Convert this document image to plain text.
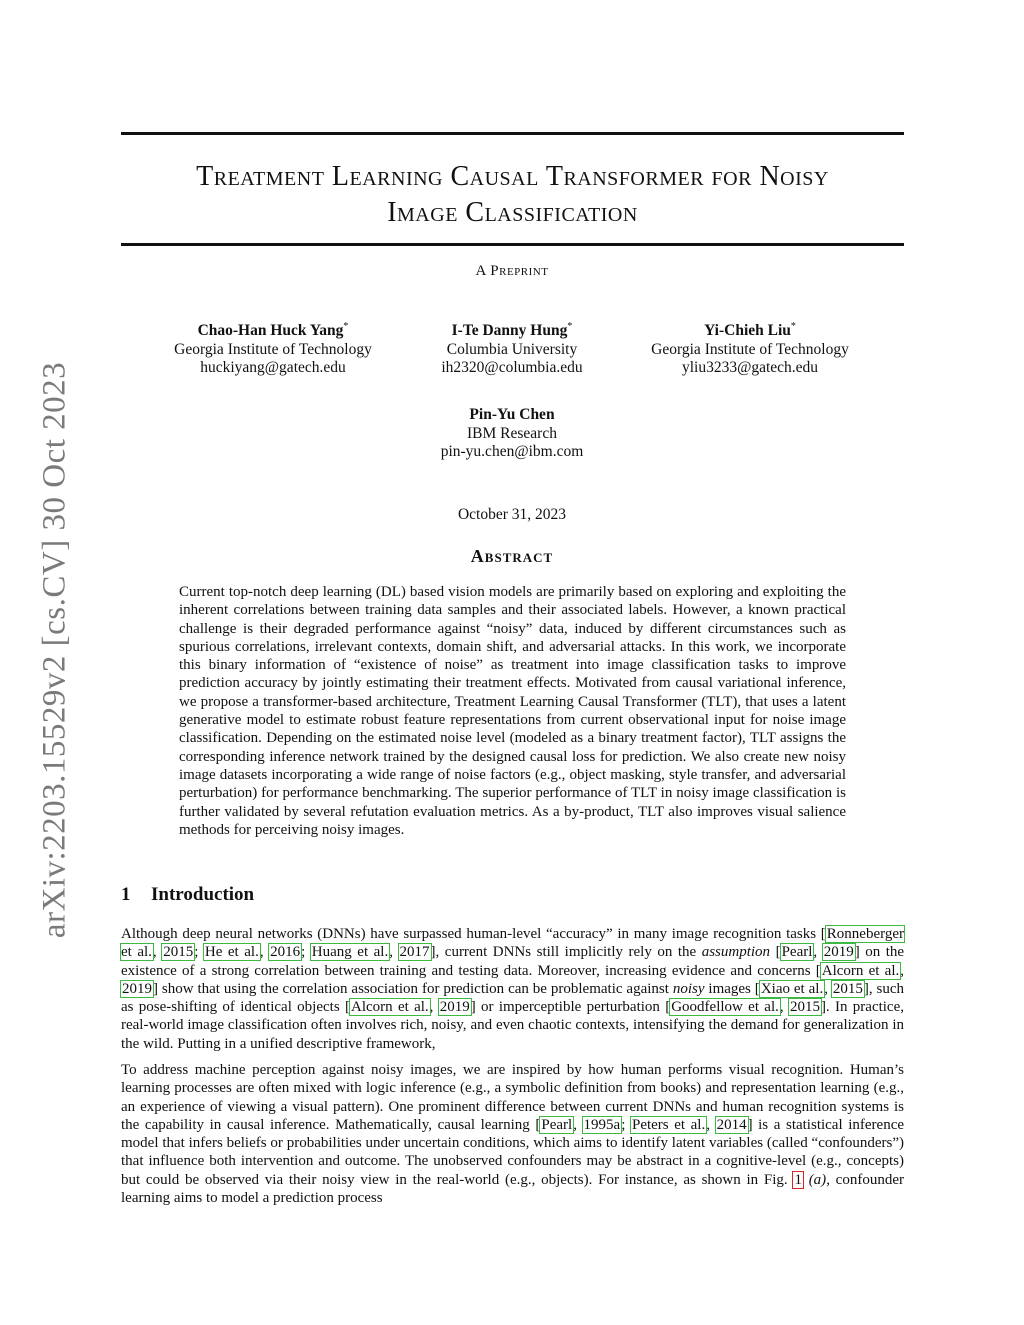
arXiv:2203.15529v2 [cs.CV] 30 Oct 2023
Treatment Learning Causal Transformer for Noisy
Image Classification
A Preprint
Chao-Han Huck Yang*
Georgia Institute of Technology
huckiyang@gatech.edu
I-Te Danny Hung*
Columbia University
ih2320@columbia.edu
Yi-Chieh Liu*
Georgia Institute of Technology
yliu3233@gatech.edu
Pin-Yu Chen
IBM Research
pin-yu.chen@ibm.com
October 31, 2023
Abstract
Current top-notch deep learning (DL) based vision models are primarily based on exploring and exploiting the inherent correlations between training data samples and their associated labels. However, a known practical challenge is their degraded performance against “noisy” data, induced by different circumstances such as spurious correlations, irrelevant contexts, domain shift, and adversarial attacks. In this work, we incorporate this binary information of “existence of noise” as treatment into image classification tasks to improve prediction accuracy by jointly estimating their treatment effects. Motivated from causal variational inference, we propose a transformer-based architecture, Treatment Learning Causal Transformer (TLT), that uses a latent generative model to estimate robust feature representations from current observational input for noise image classification. Depending on the estimated noise level (modeled as a binary treatment factor), TLT assigns the corresponding inference network trained by the designed causal loss for prediction. We also create new noisy image datasets incorporating a wide range of noise factors (e.g., object masking, style transfer, and adversarial perturbation) for performance benchmarking. The superior performance of TLT in noisy image classification is further validated by several refutation evaluation metrics. As a by-product, TLT also improves visual salience methods for perceiving noisy images.
1 Introduction
Although deep neural networks (DNNs) have surpassed human-level “accuracy” in many image recognition tasks [Ronneberger et al., 2015; He et al., 2016; Huang et al., 2017], current DNNs still implicitly rely on the assumption [Pearl, 2019] on the existence of a strong correlation between training and testing data. Moreover, increasing evidence and concerns [Alcorn et al., 2019] show that using the correlation association for prediction can be problematic against noisy images [Xiao et al., 2015], such as pose-shifting of identical objects [Alcorn et al., 2019] or imperceptible perturbation [Goodfellow et al., 2015]. In practice, real-world image classification often involves rich, noisy, and even chaotic contexts, intensifying the demand for generalization in the wild. Putting in a unified descriptive framework,
To address machine perception against noisy images, we are inspired by how human performs visual recognition. Human’s learning processes are often mixed with logic inference (e.g., a symbolic definition from books) and representation learning (e.g., an experience of viewing a visual pattern). One prominent difference between current DNNs and human recognition systems is the capability in causal inference. Mathematically, causal learning [Pearl, 1995a; Peters et al., 2014] is a statistical inference model that infers beliefs or probabilities under uncertain conditions, which aims to identify latent variables (called “confounders”) that influence both intervention and outcome. The unobserved confounders may be abstract in a cognitive-level (e.g., concepts) but could be observed via their noisy view in the real-world (e.g., objects). For instance, as shown in Fig. 1 (a), confounder learning aims to model a prediction process
